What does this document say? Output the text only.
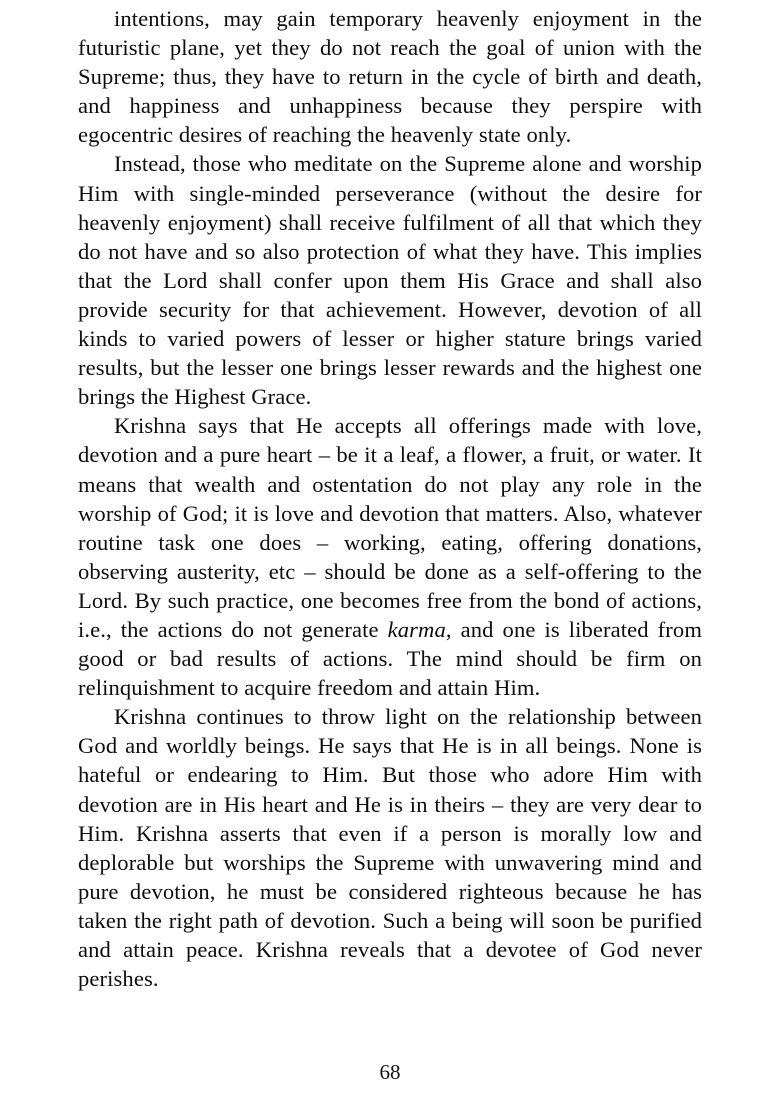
intentions, may gain temporary heavenly enjoyment in the futuristic plane, yet they do not reach the goal of union with the Supreme; thus, they have to return in the cycle of birth and death, and happiness and unhappiness because they perspire with egocentric desires of reaching the heavenly state only.

Instead, those who meditate on the Supreme alone and worship Him with single-minded perseverance (without the desire for heavenly enjoyment) shall receive fulfilment of all that which they do not have and so also protection of what they have. This implies that the Lord shall confer upon them His Grace and shall also provide security for that achievement. However, devotion of all kinds to varied powers of lesser or higher stature brings varied results, but the lesser one brings lesser rewards and the highest one brings the Highest Grace.

Krishna says that He accepts all offerings made with love, devotion and a pure heart – be it a leaf, a flower, a fruit, or water. It means that wealth and ostentation do not play any role in the worship of God; it is love and devotion that matters. Also, whatever routine task one does – working, eating, offering donations, observing austerity, etc – should be done as a self-offering to the Lord. By such practice, one becomes free from the bond of actions, i.e., the actions do not generate karma, and one is liberated from good or bad results of actions. The mind should be firm on relinquishment to acquire freedom and attain Him.

Krishna continues to throw light on the relationship between God and worldly beings. He says that He is in all beings. None is hateful or endearing to Him. But those who adore Him with devotion are in His heart and He is in theirs – they are very dear to Him. Krishna asserts that even if a person is morally low and deplorable but worships the Supreme with unwavering mind and pure devotion, he must be considered righteous because he has taken the right path of devotion. Such a being will soon be purified and attain peace. Krishna reveals that a devotee of God never perishes.

68
